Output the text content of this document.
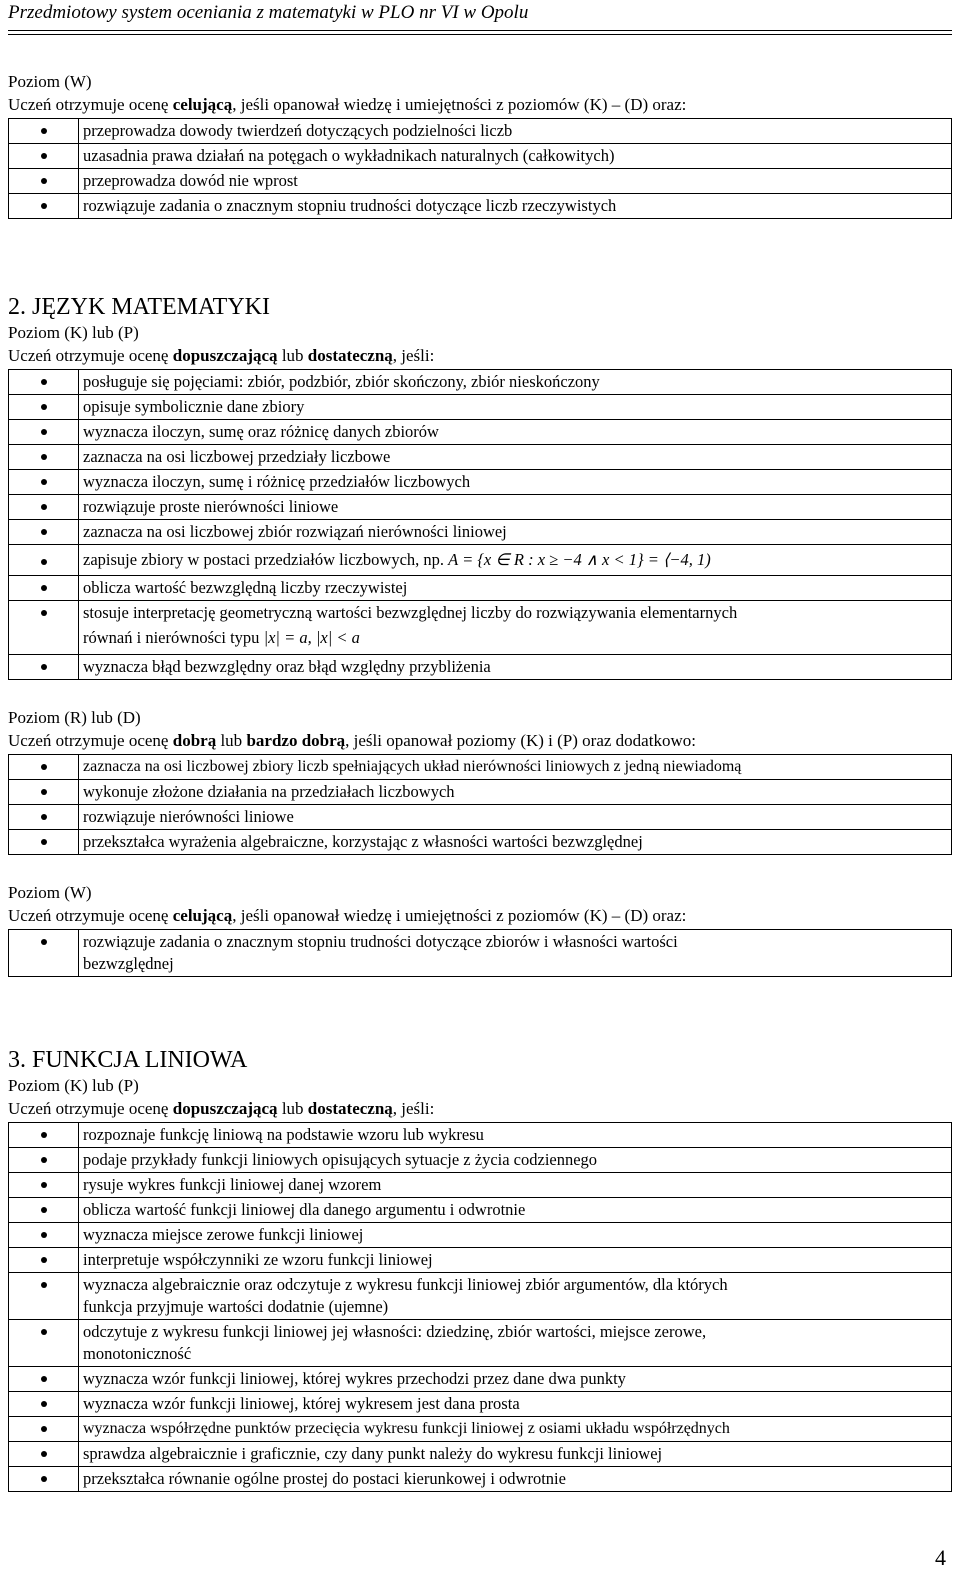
Przedmiotowy system oceniania z matematyki w PLO nr VI w Opolu
Poziom (W)
Uczeń otrzymuje ocenę celującą, jeśli opanował wiedzę i umiejętności z poziomów (K) – (D) oraz:
	przeprowadza dowody twierdzeń dotyczących podzielności liczb
	uzasadnia prawa działań na potęgach o wykładnikach naturalnych (całkowitych)
	przeprowadza dowód nie wprost
	rozwiązuje zadania o znacznym stopniu trudności dotyczące liczb rzeczywistych
2. JĘZYK MATEMATYKI
Poziom (K) lub (P)
Uczeń otrzymuje ocenę dopuszczającą lub dostateczną, jeśli:
	posługuje się pojęciami: zbiór, podzbiór, zbiór skończony, zbiór nieskończony
	opisuje symbolicznie dane zbiory
	wyznacza iloczyn, sumę oraz różnicę danych zbiorów
	zaznacza na osi liczbowej przedziały liczbowe
	wyznacza iloczyn, sumę i różnicę przedziałów liczbowych
	rozwiązuje proste nierówności liniowe
	zaznacza na osi liczbowej zbiór rozwiązań nierówności liniowej
	zapisuje zbiory w postaci przedziałów liczbowych, np. A = {x ∈ R : x ≥ −4 ∧ x < 1} = ⟨−4, 1)
	oblicza wartość bezwzględną liczby rzeczywistej

	stosuje interpretację geometryczną wartości bezwzględnej liczby do rozwiązywania elementarnych
równań i nierówności typu |x| = a, |x| < a

	wyznacza błąd bezwzględny oraz błąd względny przybliżenia
Poziom (R) lub (D)
Uczeń otrzymuje ocenę dobrą lub bardzo dobrą, jeśli opanował poziomy (K) i (P) oraz dodatkowo:
	zaznacza na osi liczbowej zbiory liczb spełniających układ nierówności liniowych z jedną niewiadomą
	wykonuje złożone działania na przedziałach liczbowych
	rozwiązuje nierówności liniowe
	przekształca wyrażenia algebraiczne, korzystając z własności wartości bezwzględnej
Poziom (W)
Uczeń otrzymuje ocenę celującą, jeśli opanował wiedzę i umiejętności z poziomów (K) – (D) oraz:

rozwiązuje zadania o znacznym stopniu trudności dotyczące zbiorów i własności wartości
bezwzględnej
3. FUNKCJA LINIOWA
Poziom (K) lub (P)
Uczeń otrzymuje ocenę dopuszczającą lub dostateczną, jeśli:
	rozpoznaje funkcję liniową na podstawie wzoru lub wykresu
	podaje przykłady funkcji liniowych opisujących sytuacje z życia codziennego
	rysuje wykres funkcji liniowej danej wzorem
	oblicza wartość funkcji liniowej dla danego argumentu i odwrotnie
	wyznacza miejsce zerowe funkcji liniowej
	interpretuje współczynniki ze wzoru funkcji liniowej

	wyznacza algebraicznie oraz odczytuje z wykresu funkcji liniowej zbiór argumentów, dla których
funkcja przyjmuje wartości dodatnie (ujemne)

	odczytuje z wykresu funkcji liniowej jej własności: dziedzinę, zbiór wartości, miejsce zerowe,
monotoniczność

	wyznacza wzór funkcji liniowej, której wykres przechodzi przez dane dwa punkty
	wyznacza wzór funkcji liniowej, której wykresem jest dana prosta
	wyznacza współrzędne punktów przecięcia wykresu funkcji liniowej z osiami układu współrzędnych
	sprawdza algebraicznie i graficznie, czy dany punkt należy do wykresu funkcji liniowej
	przekształca równanie ogólne prostej do postaci kierunkowej i odwrotnie
4
